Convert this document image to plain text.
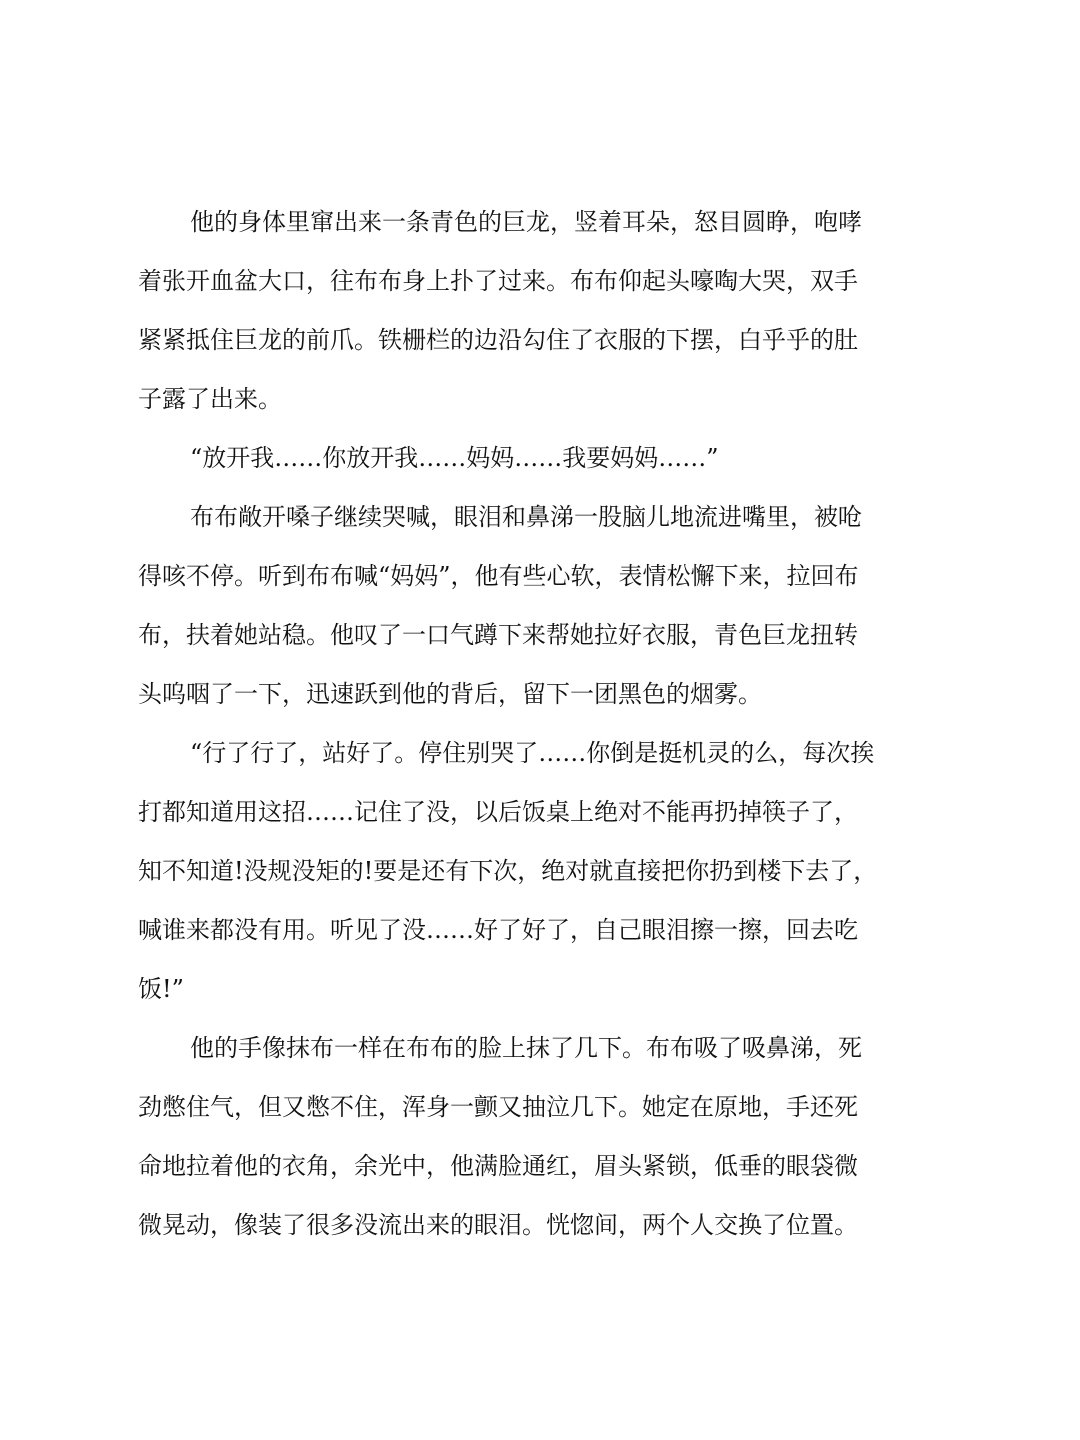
他的身体里窜出来一条青色的巨龙，竖着耳朵，怒目圆睁，咆哮
着张开血盆大口，往布布身上扑了过来。布布仰起头嚎啕大哭，双手
紧紧抵住巨龙的前爪。铁栅栏的边沿勾住了衣服的下摆，白乎乎的肚
子露了出来。

“放开我……你放开我……妈妈……我要妈妈……”

布布敞开嗓子继续哭喊，眼泪和鼻涕一股脑儿地流进嘴里，被呛
得咳不停。听到布布喊“妈妈”，他有些心软，表情松懈下来，拉回布
布，扶着她站稳。他叹了一口气蹲下来帮她拉好衣服，青色巨龙扭转
头呜咽了一下，迅速跃到他的背后，留下一团黑色的烟雾。

“行了行了，站好了。停住别哭了……你倒是挺机灵的么，每次挨
打都知道用这招……记住了没，以后饭桌上绝对不能再扔掉筷子了，
知不知道!没规没矩的!要是还有下次，绝对就直接把你扔到楼下去了，
喊谁来都没有用。听见了没……好了好了，自己眼泪擦一擦，回去吃
饭!”

他的手像抹布一样在布布的脸上抹了几下。布布吸了吸鼻涕，死
劲憋住气，但又憋不住，浑身一颤又抽泣几下。她定在原地，手还死
命地拉着他的衣角，余光中，他满脸通红，眉头紧锁，低垂的眼袋微
微晃动，像装了很多没流出来的眼泪。恍惚间，两个人交换了位置。
